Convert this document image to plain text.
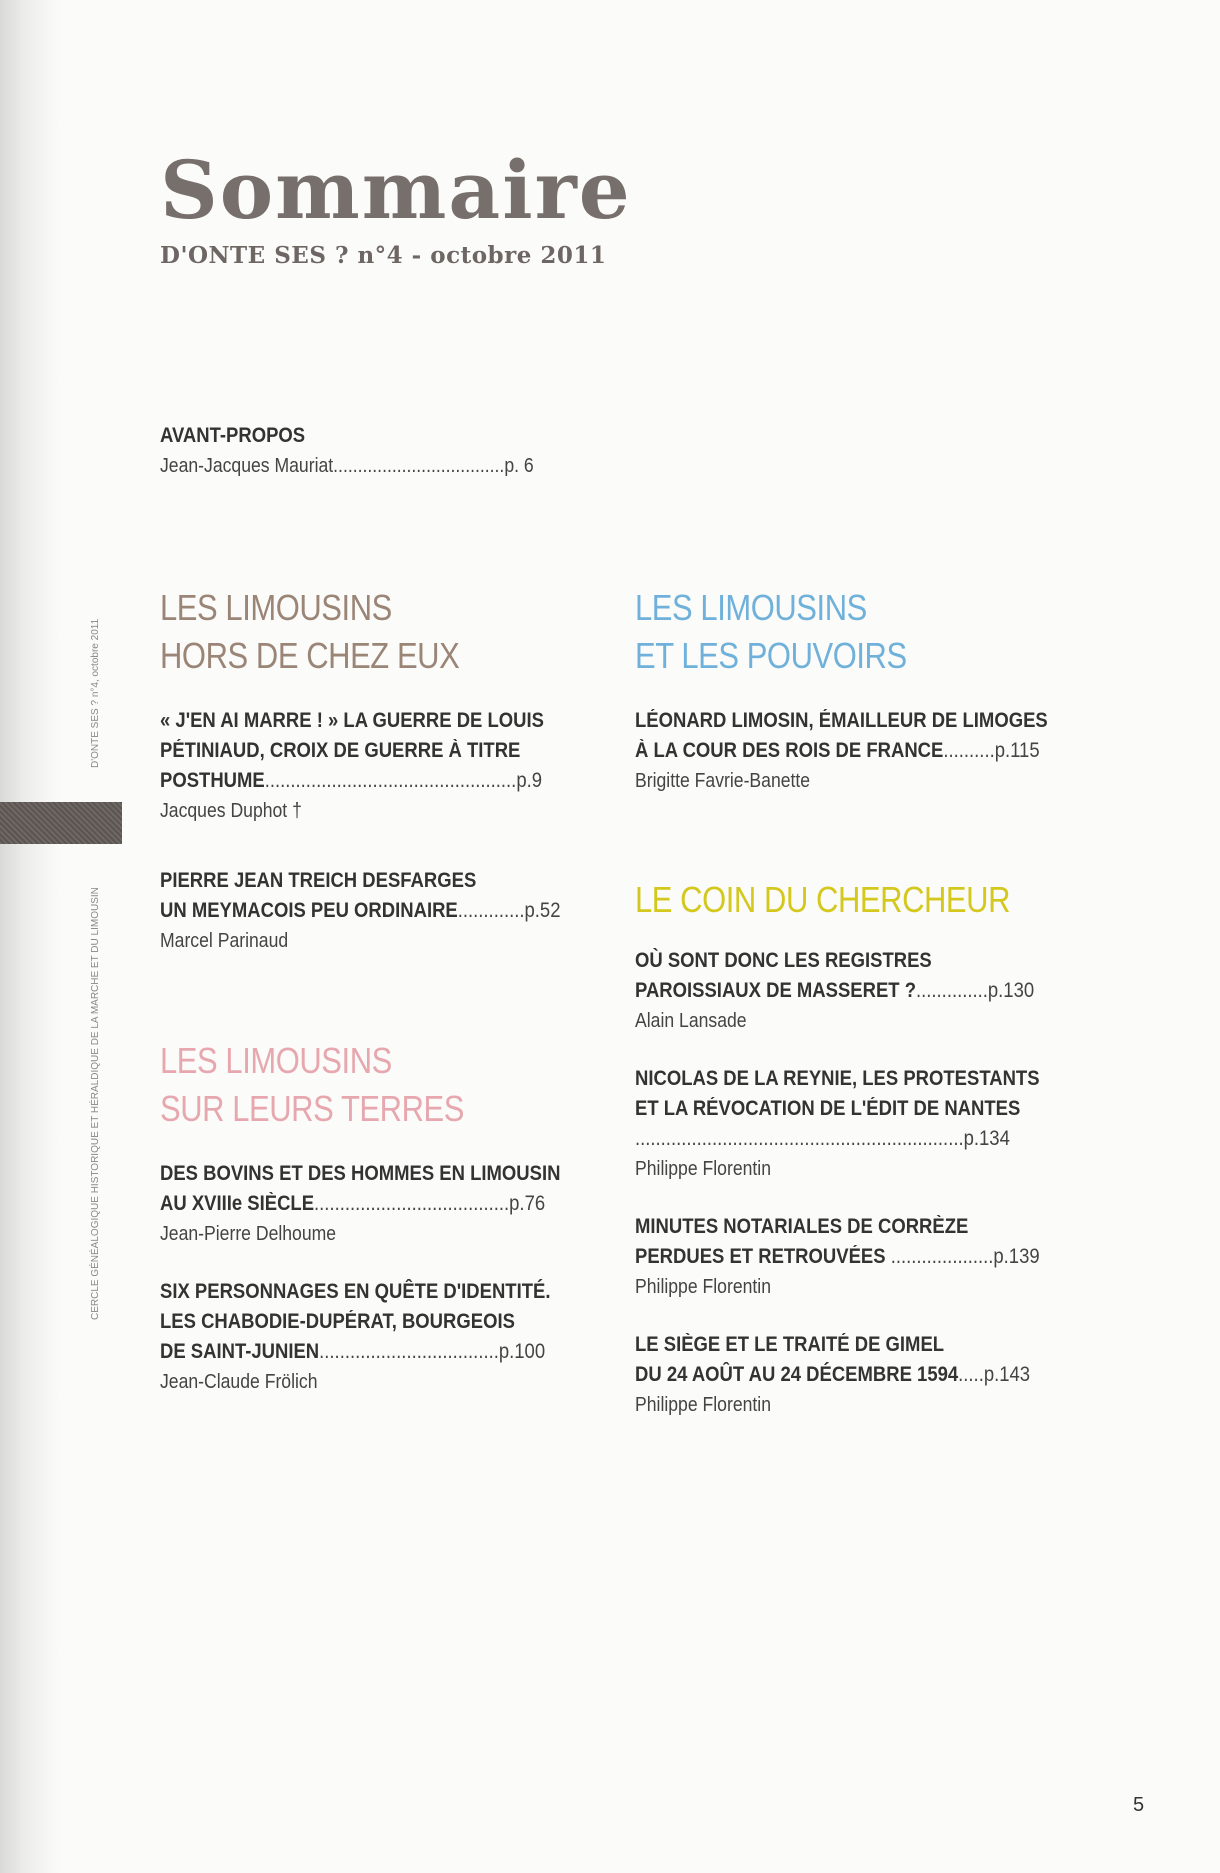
D'ONTE SES ? n°4, octobre 2011
CERCLE GÉNÉALOGIQUE HISTORIQUE ET HÉRALDIQUE DE LA MARCHE ET DU LIMOUSIN
Sommaire
D'ONTE SES ? n°4 - octobre 2011
AVANT-PROPOS
Jean-Jacques Mauriat...................................p. 6
LES LIMOUSINS
HORS DE CHEZ EUX
« J'EN AI MARRE ! » LA GUERRE DE LOUIS
PÉTINIAUD, CROIX DE GUERRE À TITRE
POSTHUME.................................................p.9
Jacques Duphot †
PIERRE JEAN TREICH DESFARGES
UN MEYMACOIS PEU ORDINAIRE.............p.52
Marcel Parinaud
LES LIMOUSINS
SUR LEURS TERRES
DES BOVINS ET DES HOMMES EN LIMOUSIN
AU XVIIIe SIÈCLE......................................p.76
Jean-Pierre Delhoume
SIX PERSONNAGES EN QUÊTE D'IDENTITÉ.
LES CHABODIE-DUPÉRAT, BOURGEOIS
DE SAINT-JUNIEN...................................p.100
Jean-Claude Frölich
LES LIMOUSINS
ET LES POUVOIRS
LÉONARD LIMOSIN, ÉMAILLEUR DE LIMOGES
À LA COUR DES ROIS DE FRANCE..........p.115
Brigitte Favrie-Banette
LE COIN DU CHERCHEUR
OÙ SONT DONC LES REGISTRES
PAROISSIAUX DE MASSERET ?..............p.130
Alain Lansade
NICOLAS DE LA REYNIE, LES PROTESTANTS
ET LA RÉVOCATION DE L'ÉDIT DE NANTES
................................................................p.134
Philippe Florentin
MINUTES NOTARIALES DE CORRÈZE
PERDUES ET RETROUVÉES ....................p.139
Philippe Florentin
LE SIÈGE ET LE TRAITÉ DE GIMEL
DU 24 AOÛT AU 24 DÉCEMBRE 1594.....p.143
Philippe Florentin
5
